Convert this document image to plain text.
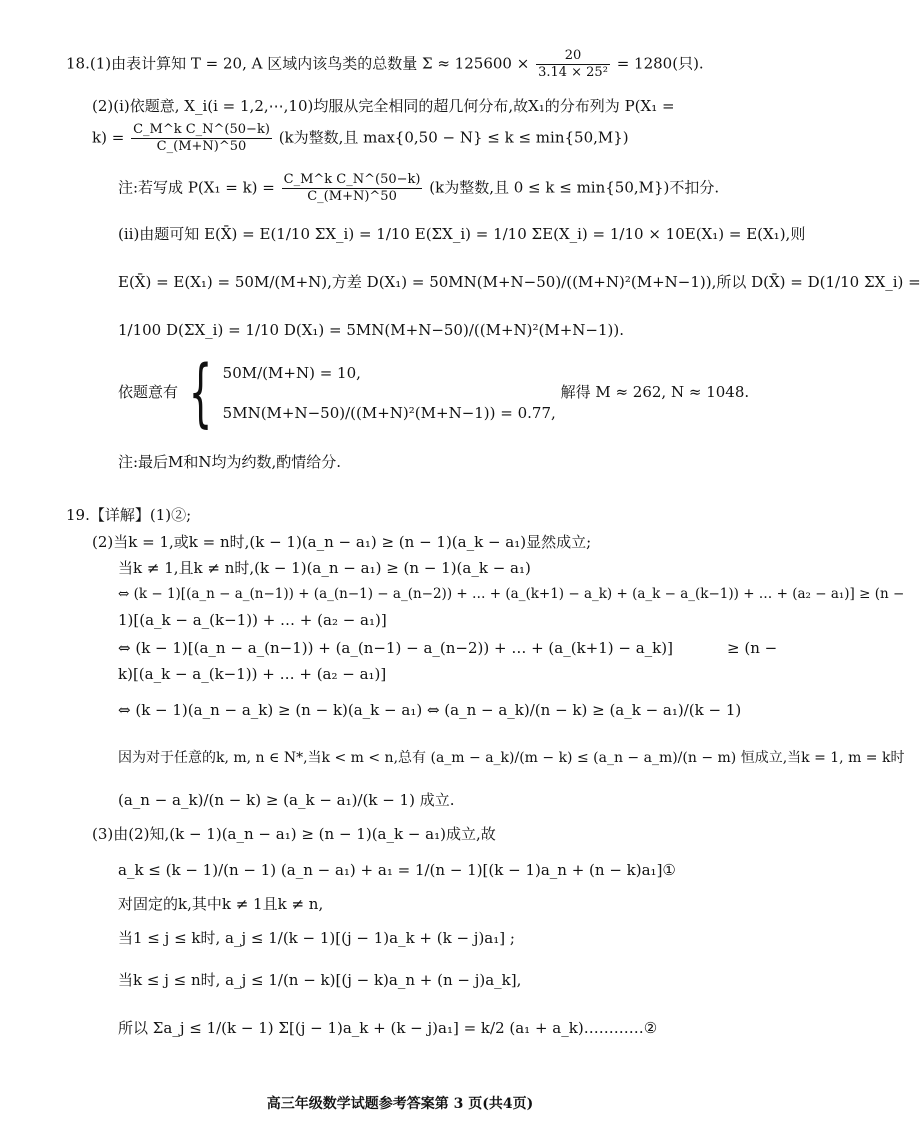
18.(1)由表计算知 T = 20, A 区域内该鸟类的总数量 $\Sigma \approx 125600 \times \frac{20}{\text{3.14 × 25²}} = 1280$(只).
(2)(ⅰ)依题意, X_i(i = 1,2,⋯,10)均服从完全相同的超几何分布,故X₁的分布列为 P(X₁ =
$k) = \frac{\text{C\_M\textasciicircum{}k C\_N\textasciicircum{}(50−k)}}{C\_(M+N)\^{}50} (k$为整数,且 max{0,50 − N} ≤ k ≤ min{50,M})
注:若写成 $P(X_1 = k) = \frac{\text{C\_M\textasciicircum{}k C\_N\textasciicircum{}(50−k)}}{C\_(M+N)\^{}50} (k$为整数,且 0 ≤ k ≤ min{50,M})不扣分.
(ⅱ)由题可知 E(X̄) = E(1/10 ΣX_i) = 1/10 E(ΣX_i) = 1/10 ΣE(X_i) = 1/10 × 10E(X₁) = E(X₁),则
E(X̄) = E(X₁) = 50M/(M+N),方差 D(X₁) = 50MN(M+N−50)/((M+N)²(M+N−1)),所以 D(X̄) = D(1/10 ΣX_i) =
1/100 D(ΣX_i) = 1/10 D(X₁) = 5MN(M+N−50)/((M+N)²(M+N−1)).
依题意有 { 50M/(M+N) = 10,
5MN(M+N−50)/((M+N)²(M+N−1)) = 0.77,
解得 M ≈ 262, N ≈ 1048.
注:最后M和N均为约数,酌情给分.
19.【详解】(1)②;
(2)当k = 1,或k = n时,(k − 1)(a_n − a₁) ≥ (n − 1)(a_k − a₁)显然成立;
当k ≠ 1,且k ≠ n时,(k − 1)(a_n − a₁) ≥ (n − 1)(a_k − a₁)
⇔ (k − 1)[(a_n − a_(n−1)) + (a_(n−1) − a_(n−2)) + … + (a_(k+1) − a_k) + (a_k − a_(k−1)) + … + (a₂ − a₁)] ≥ (n −
1)[(a_k − a_(k−1)) + … + (a₂ − a₁)]
⇔ (k − 1)[(a_n − a_(n−1)) + (a_(n−1) − a_(n−2)) + … + (a_(k+1) − a_k)]	≥ (n −
k)[(a_k − a_(k−1)) + … + (a₂ − a₁)]
⇔ (k − 1)(a_n − a_k) ≥ (n − k)(a_k − a₁) ⇔ (a_n − a_k)/(n − k) ≥ (a_k − a₁)/(k − 1)
因为对于任意的k, m, n ∈ N*,当k < m < n,总有 (a_m − a_k)/(m − k) ≤ (a_n − a_m)/(n − m) 恒成立,当k = 1, m = k时
(a_n − a_k)/(n − k) ≥ (a_k − a₁)/(k − 1) 成立.
(3)由(2)知,(k − 1)(a_n − a₁) ≥ (n − 1)(a_k − a₁)成立,故
a_k ≤ (k − 1)/(n − 1) (a_n − a₁) + a₁ = 1/(n − 1)[(k − 1)a_n + (n − k)a₁]①
对固定的k,其中k ≠ 1且k ≠ n,
当1 ≤ j ≤ k时, a_j ≤ 1/(k − 1)[(j − 1)a_k + (k − j)a₁] ;
当k ≤ j ≤ n时, a_j ≤ 1/(n − k)[(j − k)a_n + (n − j)a_k],
所以 Σa_j ≤ 1/(k − 1) Σ[(j − 1)a_k + (k − j)a₁] = k/2 (a₁ + a_k)…………②
高三年级数学试题参考答案第 3 页(共4页)
